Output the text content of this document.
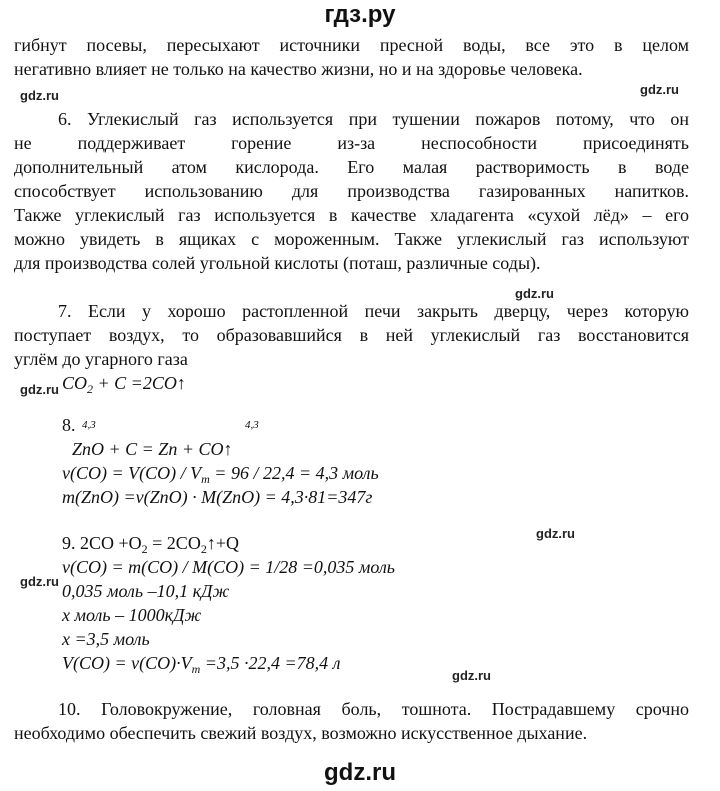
гдз.ру
гибнут посевы, пересыхают источники пресной воды, все это в целом
негативно влияет не только на качество жизни, но и на здоровье человека.
gdz.ru	gdz.ru
6. Углекислый газ используется при тушении пожаров потому, что он
не поддерживает горение из-за неспособности присоединять
дополнительный атом кислорода. Его малая растворимость в воде
способствует использованию для производства газированных напитков.
Также углекислый газ используется в качестве хладагента «сухой лёд» – его
можно увидеть в ящиках с мороженным. Также углекислый газ используют
для производства солей угольной кислоты (поташ, различные соды).
gdz.ru
7. Если у хорошо растопленной печи закрыть дверцу, через которую
поступает воздух, то образовавшийся в ней углекислый газ восстановится
углём до угарного газа
$CO_2 + C$ =2CO↑
gdz.ru
8. 4,3	4,3
ZnO + C = Zn + CO↑
$\nu(CO) = V(CO) / V_m = 96 / 22,4 = 4,3$ моль
m(ZnO) =ν(ZnO) · M(ZnO) = 4,3·81=347г
gdz.ru
9. $2CO +O_2$ = $2CO_2↑+Q$
ν(CO) = m(CO) / M(CO) = 1/28 =0,035 моль
0,035 моль –10,1 кДж
x моль – 1000кДж
x =3,5 моль
$V(CO) = \nu(CO)\cdot V_m =3,5 \cdot 22,4 =78,4$ л
gdz.ru
gdz.ru
10. Головокружение, головная боль, тошнота. Пострадавшему срочно
необходимо обеспечить свежий воздух, возможно искусственное дыхание.
gdz.ru
